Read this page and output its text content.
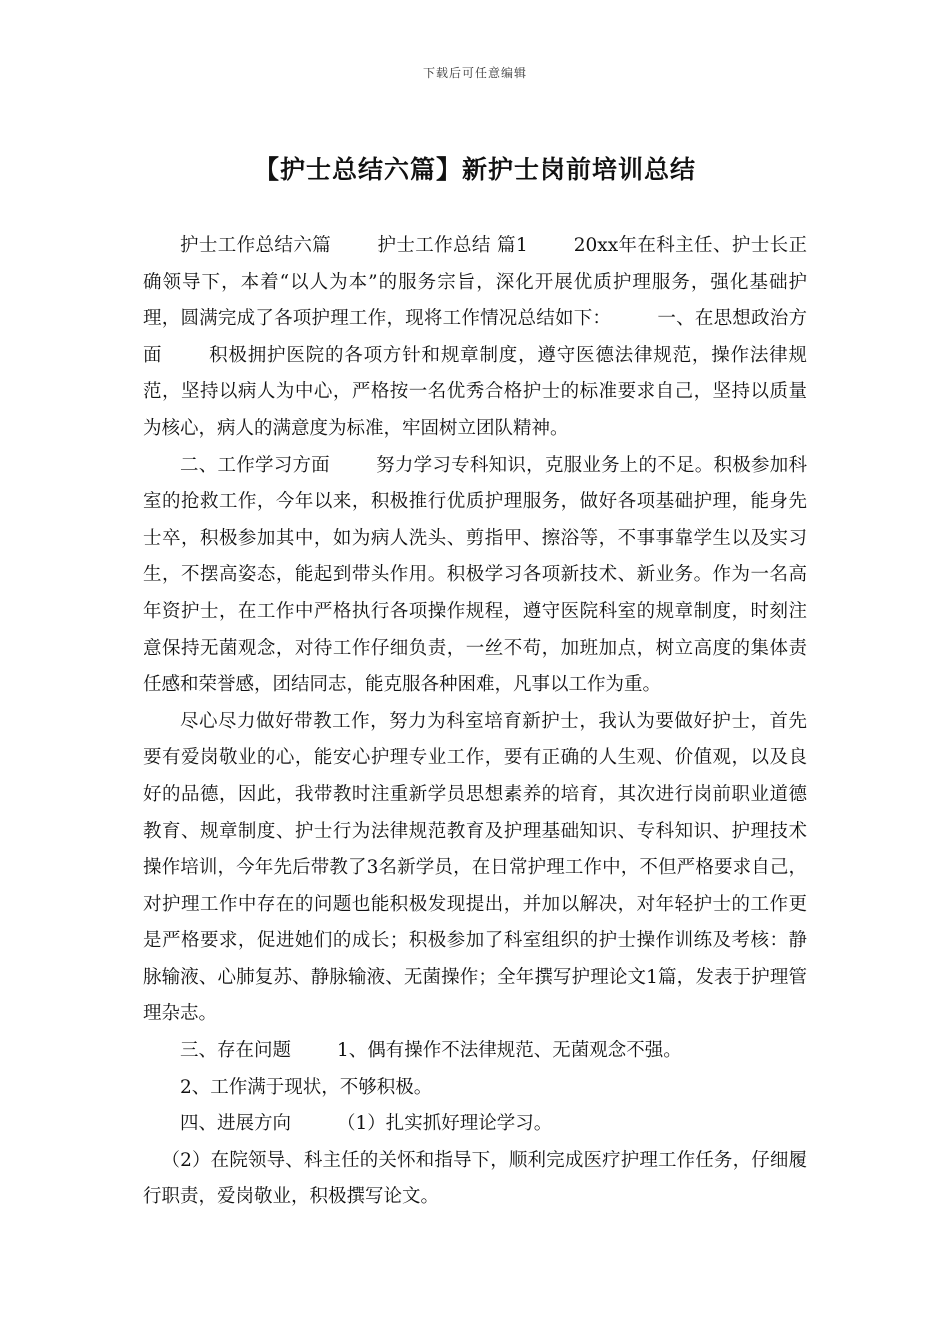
下载后可任意编辑
【护士总结六篇】新护士岗前培训总结

护士工作总结六篇 护士工作总结 篇1 20xx年在科主任、护士长正确领导下，本着“以人为本”的服务宗旨，深化开展优质护理服务，强化基础护理，圆满完成了各项护理工作，现将工作情况总结如下： 一、在思想政治方面 积极拥护医院的各项方针和规章制度，遵守医德法律规范，操作法律规范，坚持以病人为中心，严格按一名优秀合格护士的标准要求自己，坚持以质量为核心，病人的满意度为标准，牢固树立团队精神。

二、工作学习方面 努力学习专科知识，克服业务上的不足。积极参加科室的抢救工作，今年以来，积极推行优质护理服务，做好各项基础护理，能身先士卒，积极参加其中，如为病人洗头、剪指甲、擦浴等，不事事靠学生以及实习生，不摆高姿态，能起到带头作用。积极学习各项新技术、新业务。作为一名高年资护士，在工作中严格执行各项操作规程，遵守医院科室的规章制度，时刻注意保持无菌观念，对待工作仔细负责，一丝不苟，加班加点，树立高度的集体责任感和荣誉感，团结同志，能克服各种困难，凡事以工作为重。

尽心尽力做好带教工作，努力为科室培育新护士，我认为要做好护士，首先要有爱岗敬业的心，能安心护理专业工作，要有正确的人生观、价值观，以及良好的品德，因此，我带教时注重新学员思想素养的培育，其次进行岗前职业道德教育、规章制度、护士行为法律规范教育及护理基础知识、专科知识、护理技术操作培训，今年先后带教了3名新学员，在日常护理工作中，不但严格要求自己，对护理工作中存在的问题也能积极发现提出，并加以解决，对年轻护士的工作更是严格要求，促进她们的成长；积极参加了科室组织的护士操作训练及考核：静脉输液、心肺复苏、静脉输液、无菌操作；全年撰写护理论文1篇，发表于护理管理杂志。

三、存在问题 1、偶有操作不法律规范、无菌观念不强。

2、工作满于现状，不够积极。

四、进展方向 （1）扎实抓好理论学习。

（2）在院领导、科主任的关怀和指导下，顺利完成医疗护理工作任务，仔细履行职责，爱岗敬业，积极撰写论文。
